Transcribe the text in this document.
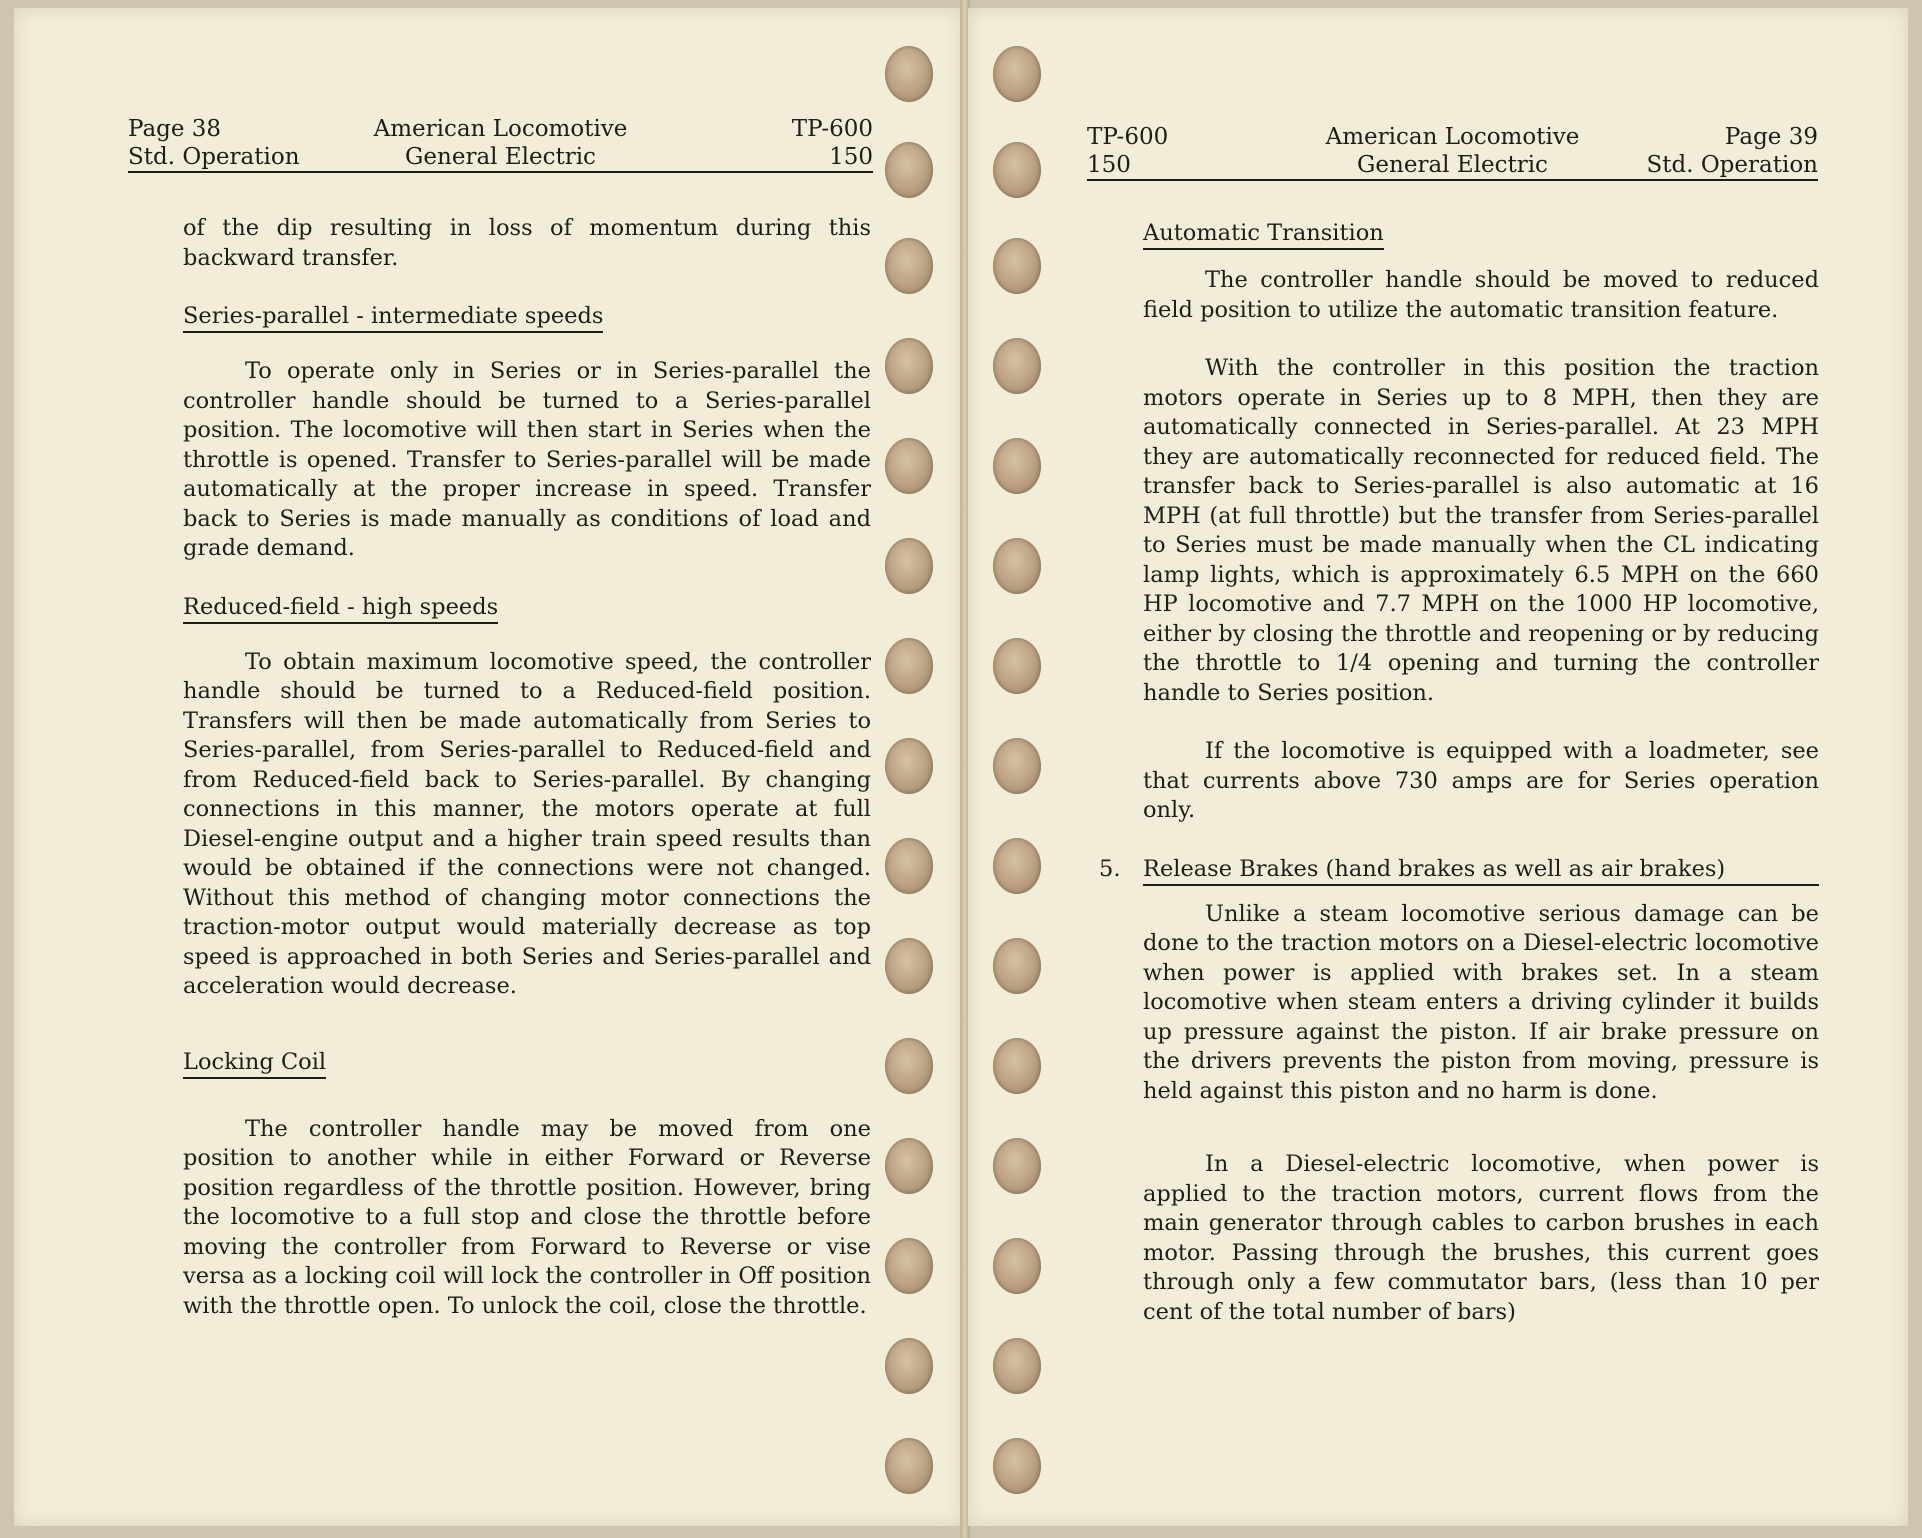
Page 38
Std. Operation
American Locomotive
General Electric
TP-600
150

of the dip resulting in loss of momentum during this backward transfer.

Series-parallel - intermediate speeds

To operate only in Series or in Series-parallel the controller handle should be turned to a Series-parallel position. The locomotive will then start in Series when the throttle is opened. Transfer to Series-parallel will be made automatically at the proper increase in speed. Transfer back to Series is made manually as conditions of load and grade demand.

Reduced-field - high speeds

To obtain maximum locomotive speed, the controller handle should be turned to a Reduced-field position. Transfers will then be made automatically from Series to Series-parallel, from Series-parallel to Reduced-field and from Reduced-field back to Series-parallel. By changing connections in this manner, the motors operate at full Diesel-engine output and a higher train speed results than would be obtained if the connections were not changed. Without this method of changing motor connections the traction-motor output would materially decrease as top speed is approached in both Series and Series-parallel and acceleration would decrease.

Locking Coil

The controller handle may be moved from one position to another while in either Forward or Reverse position regardless of the throttle position. However, bring the locomotive to a full stop and close the throttle before moving the controller from Forward to Reverse or vise versa as a locking coil will lock the controller in Off position with the throttle open. To unlock the coil, close the throttle.

TP-600
150
American Locomotive
General Electric
Page 39
Std. Operation

Automatic Transition

The controller handle should be moved to reduced field position to utilize the automatic transition feature.

With the controller in this position the traction motors operate in Series up to 8 MPH, then they are automatically connected in Series-parallel. At 23 MPH they are automatically reconnected for reduced field. The transfer back to Series-parallel is also automatic at 16 MPH (at full throttle) but the transfer from Series-parallel to Series must be made manually when the CL indicating lamp lights, which is approximately 6.5 MPH on the 660 HP locomotive and 7.7 MPH on the 1000 HP locomotive, either by closing the throttle and reopening or by reducing the throttle to 1/4 opening and turning the controller handle to Series position.

If the locomotive is equipped with a loadmeter, see that currents above 730 amps are for Series operation only.

5.	Release Brakes (hand brakes as well as air brakes)

Unlike a steam locomotive serious damage can be done to the traction motors on a Diesel-electric locomotive when power is applied with brakes set. In a steam locomotive when steam enters a driving cylinder it builds up pressure against the piston. If air brake pressure on the drivers prevents the piston from moving, pressure is held against this piston and no harm is done.

In a Diesel-electric locomotive, when power is applied to the traction motors, current flows from the main generator through cables to carbon brushes in each motor. Passing through the brushes, this current goes through only a few commutator bars, (less than 10 per cent of the total number of bars)
